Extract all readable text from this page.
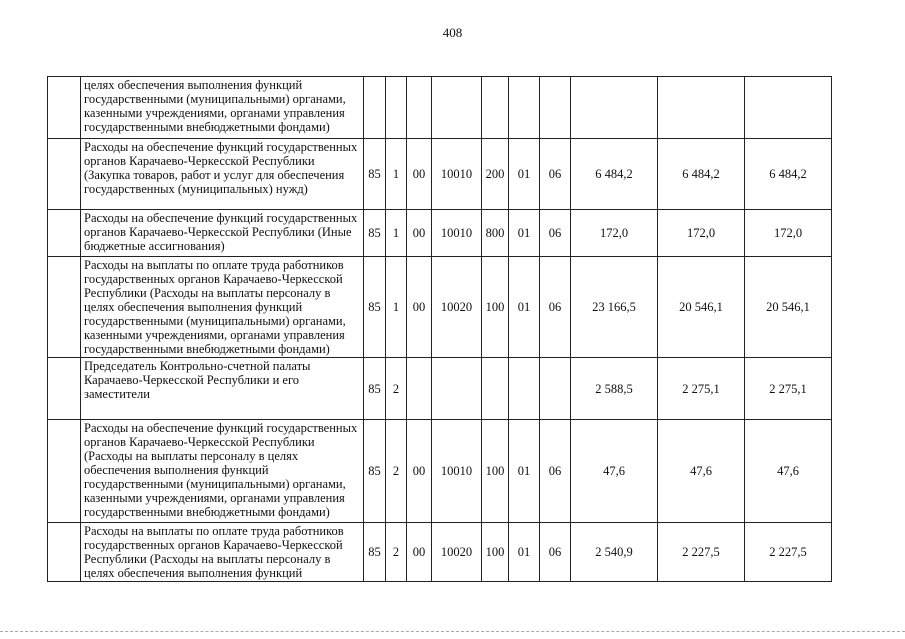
408
	целях обеспечения выполнения функций государственными (муниципальными) органами, казенными учреждениями, органами управления государственными внебюджетными фондами)										
	Расходы на обеспечение функций государственных органов Карачаево-Черкесской Республики (Закупка товаров, работ и услуг для обеспечения государственных (муниципальных) нужд)	85	1	00	10010	200	01	06	6 484,2	6 484,2	6 484,2
	Расходы на обеспечение функций государственных органов Карачаево-Черкесской Республики (Иные бюджетные ассигнования)	85	1	00	10010	800	01	06	172,0	172,0	172,0
	Расходы на выплаты по оплате труда работников государственных органов Карачаево-Черкесской Республики (Расходы на выплаты персоналу в целях обеспечения выполнения функций государственными (муниципальными) органами, казенными учреждениями, органами управления государственными внебюджетными фондами)	85	1	00	10020	100	01	06	23 166,5	20 546,1	20 546,1
	Председатель Контрольно-счетной палаты Карачаево-Черкесской Республики и его заместители	85	2						2 588,5	2 275,1	2 275,1
	Расходы на обеспечение функций государственных органов Карачаево-Черкесской Республики (Расходы на выплаты персоналу в целях обеспечения выполнения функций государственными (муниципальными) органами, казенными учреждениями, органами управления государственными внебюджетными фондами)	85	2	00	10010	100	01	06	47,6	47,6	47,6
	Расходы на выплаты по оплате труда работников государственных органов Карачаево-Черкесской Республики (Расходы на выплаты персоналу в целях обеспечения выполнения функций	85	2	00	10020	100	01	06	2 540,9	2 227,5	2 227,5
